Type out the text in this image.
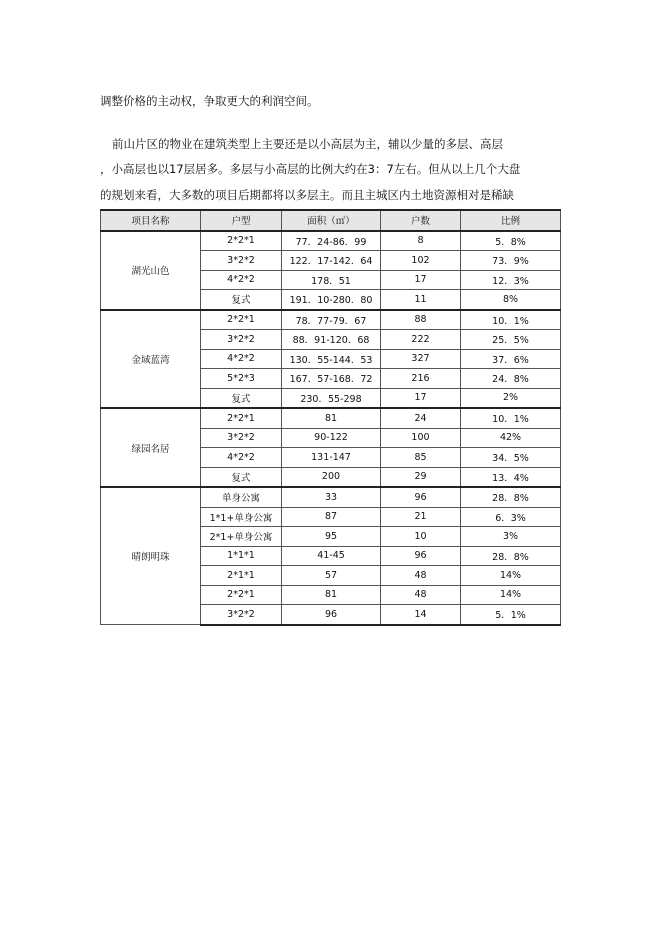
调整价格的主动权，争取更大的利润空间。
前山片区的物业在建筑类型上主要还是以小高层为主，辅以少量的多层、高层
，小高层也以17层居多。多层与小高层的比例大约在3：7左右。但从以上几个大盘
的规划来看，大多数的项目后期都将以多层主。而且主城区内土地资源相对是稀缺
项目名称	户型	面积（㎡）	户数	比例
湖光山色	2*2*1	77．24-86．99	8	5．8%
	3*2*2	122．17-142．64	102	73．9%
	4*2*2	178．51	17	12．3%
	复式	191．10-280．80	11	8%
金域蓝湾	2*2*1	78．77-79．67	88	10．1%
	3*2*2	88．91-120．68	222	25．5%
	4*2*2	130．55-144．53	327	37．6%
	5*2*3	167．57-168．72	216	24．8%
	复式	230．55-298	17	2%
绿园名居	2*2*1	81	24	10．1%
	3*2*2	90-122	100	42%
	4*2*2	131-147	85	34．5%
	复式	200	29	13．4%
晴朗明珠	单身公寓	33	96	28．8%
	1*1+单身公寓	87	21	6．3%
	2*1+单身公寓	95	10	3%
	1*1*1	41-45	96	28．8%
	2*1*1	57	48	14%
	2*2*1	81	48	14%
	3*2*2	96	14	5．1%
